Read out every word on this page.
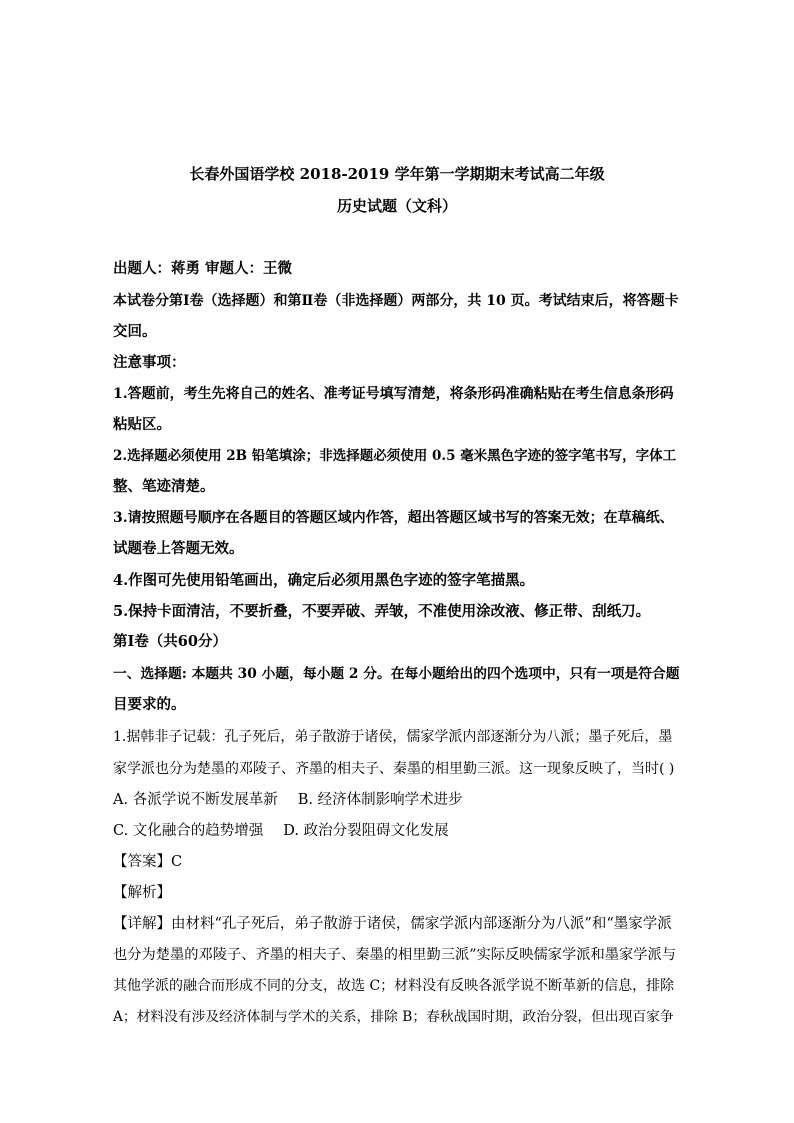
长春外国语学校 2018-2019 学年第一学期期末考试高二年级
历史试题（文科）
出题人：蒋勇 审题人：王微
本试卷分第Ⅰ卷（选择题）和第Ⅱ卷（非选择题）两部分，共 10 页。考试结束后，将答题卡
交回。
注意事项：
1.答题前，考生先将自己的姓名、准考证号填写清楚，将条形码准确粘贴在考生信息条形码
粘贴区。
2.选择题必须使用 2B 铅笔填涂；非选择题必须使用 0.5 毫米黑色字迹的签字笔书写，字体工
整、笔迹清楚。
3.请按照题号顺序在各题目的答题区域内作答，超出答题区域书写的答案无效；在草稿纸、
试题卷上答题无效。
4.作图可先使用铅笔画出，确定后必须用黑色字迹的签字笔描黑。
5.保持卡面清洁，不要折叠，不要弄破、弄皱，不准使用涂改液、修正带、刮纸刀。
第Ⅰ卷（共60分）
一、选择题: 本题共 30 小题，每小题 2 分。在每小题给出的四个选项中，只有一项是符合题
目要求的。
1.据韩非子记载：孔子死后，弟子散游于诸侯，儒家学派内部逐渐分为八派；墨子死后，墨
家学派也分为楚墨的邓陵子、齐墨的相夫子、秦墨的相里勤三派。这一现象反映了，当时( )
A. 各派学说不断发展革新 B. 经济体制影响学术进步
C. 文化融合的趋势增强 D. 政治分裂阻碍文化发展
【答案】C
【解析】
【详解】由材料“孔子死后，弟子散游于诸侯，儒家学派内部逐渐分为八派”和“墨家学派
也分为楚墨的邓陵子、齐墨的相夫子、秦墨的相里勤三派”实际反映儒家学派和墨家学派与
其他学派的融合而形成不同的分支，故选 C；材料没有反映各派学说不断革新的信息，排除
A；材料没有涉及经济体制与学术的关系，排除 B；春秋战国时期，政治分裂，但出现百家争
